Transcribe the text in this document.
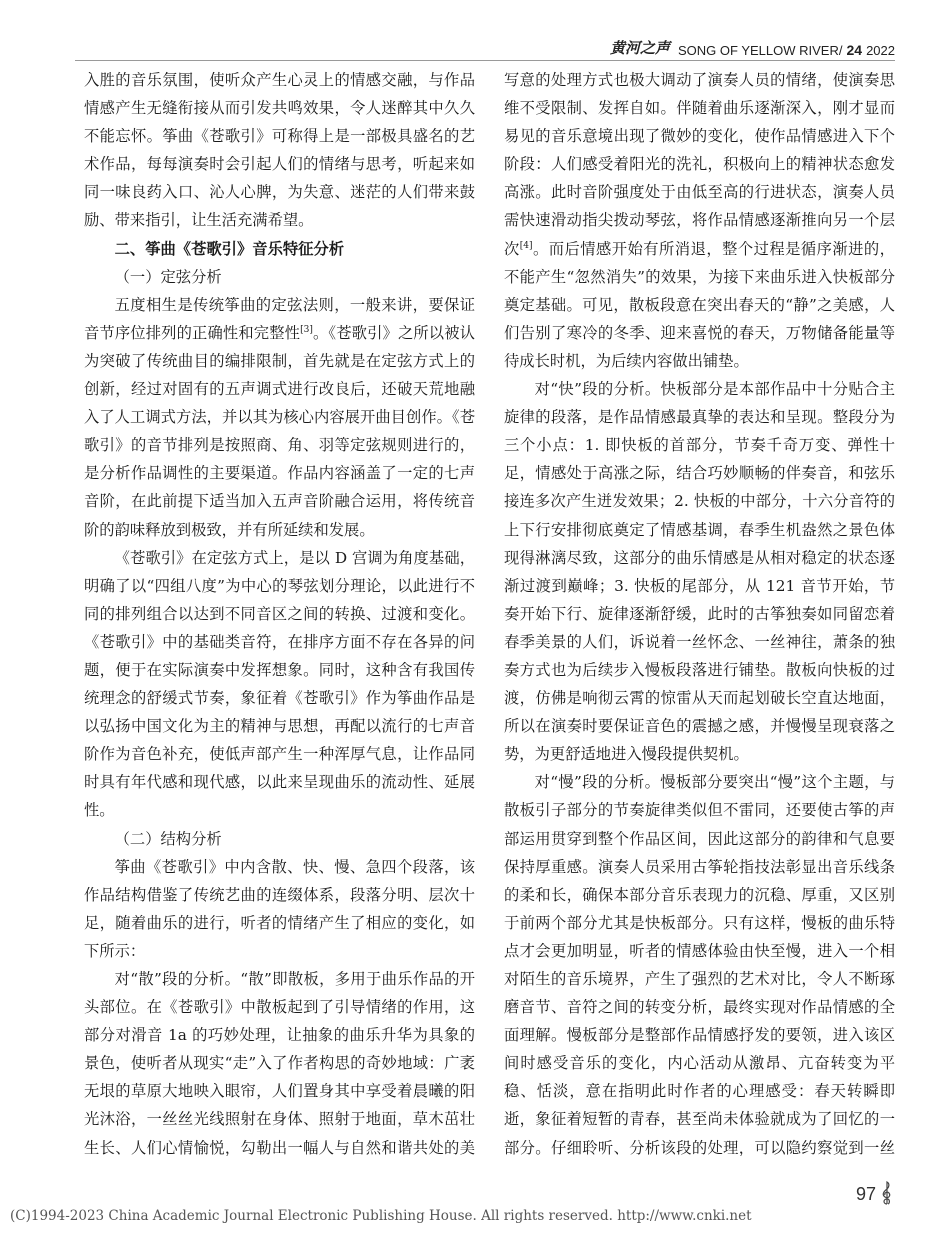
黄河之声 SONG OF YELLOW RIVER / 24 2022

入胜的音乐氛围，使听众产生心灵上的情感交融，与作品情感产生无缝衔接从而引发共鸣效果，令人迷醉其中久久不能忘怀。筝曲《苍歌引》可称得上是一部极具盛名的艺术作品，每每演奏时会引起人们的情绪与思考，听起来如同一味良药入口、沁人心脾，为失意、迷茫的人们带来鼓励、带来指引，让生活充满希望。

二、筝曲《苍歌引》音乐特征分析

（一）定弦分析

五度相生是传统筝曲的定弦法则，一般来讲，要保证音节序位排列的正确性和完整性[3]。《苍歌引》之所以被认为突破了传统曲目的编排限制，首先就是在定弦方式上的创新，经过对固有的五声调式进行改良后，还破天荒地融入了人工调式方法，并以其为核心内容展开曲目创作。《苍歌引》的音节排列是按照商、角、羽等定弦规则进行的，是分析作品调性的主要渠道。作品内容涵盖了一定的七声音阶，在此前提下适当加入五声音阶融合运用，将传统音阶的韵味释放到极致，并有所延续和发展。

《苍歌引》在定弦方式上，是以 D 宫调为角度基础，明确了以“四组八度”为中心的琴弦划分理论，以此进行不同的排列组合以达到不同音区之间的转换、过渡和变化。《苍歌引》中的基础类音符，在排序方面不存在各异的问题，便于在实际演奏中发挥想象。同时，这种含有我国传统理念的舒缓式节奏，象征着《苍歌引》作为筝曲作品是以弘扬中国文化为主的精神与思想，再配以流行的七声音阶作为音色补充，使低声部产生一种浑厚气息，让作品同时具有年代感和现代感，以此来呈现曲乐的流动性、延展性。

（二）结构分析

筝曲《苍歌引》中内含散、快、慢、急四个段落，该作品结构借鉴了传统艺曲的连缀体系，段落分明、层次十足，随着曲乐的进行，听者的情绪产生了相应的变化，如下所示：

对“散”段的分析。“散”即散板，多用于曲乐作品的开头部位。在《苍歌引》中散板起到了引导情绪的作用，这部分对滑音 1a 的巧妙处理，让抽象的曲乐升华为具象的景色，使听者从现实“走”入了作者构思的奇妙地域：广袤无垠的草原大地映入眼帘，人们置身其中享受着晨曦的阳光沐浴，一丝丝光线照射在身体、照射于地面，草木茁壮生长、人们心情愉悦，勾勒出一幅人与自然和谐共处的美

写意的处理方式也极大调动了演奏人员的情绪，使演奏思维不受限制、发挥自如。伴随着曲乐逐渐深入，刚才显而易见的音乐意境出现了微妙的变化，使作品情感进入下个阶段：人们感受着阳光的洗礼，积极向上的精神状态愈发高涨。此时音阶强度处于由低至高的行进状态，演奏人员需快速滑动指尖拨动琴弦，将作品情感逐渐推向另一个层次[4]。而后情感开始有所消退，整个过程是循序渐进的，不能产生“忽然消失”的效果，为接下来曲乐进入快板部分奠定基础。可见，散板段意在突出春天的“静”之美感，人们告别了寒冷的冬季、迎来喜悦的春天，万物储备能量等待成长时机，为后续内容做出铺垫。

对“快”段的分析。快板部分是本部作品中十分贴合主旋律的段落，是作品情感最真挚的表达和呈现。整段分为三个小点：1. 即快板的首部分，节奏千奇万变、弹性十足，情感处于高涨之际，结合巧妙顺畅的伴奏音，和弦乐接连多次产生迸发效果；2. 快板的中部分，十六分音符的上下行安排彻底奠定了情感基调，春季生机盎然之景色体现得淋漓尽致，这部分的曲乐情感是从相对稳定的状态逐渐过渡到巅峰；3. 快板的尾部分，从 121 音节开始，节奏开始下行、旋律逐渐舒缓，此时的古筝独奏如同留恋着春季美景的人们，诉说着一丝怀念、一丝神往，萧条的独奏方式也为后续步入慢板段落进行铺垫。散板向快板的过渡，仿佛是响彻云霄的惊雷从天而起划破长空直达地面，所以在演奏时要保证音色的震撼之感，并慢慢呈现衰落之势，为更舒适地进入慢段提供契机。

对“慢”段的分析。慢板部分要突出“慢”这个主题，与散板引子部分的节奏旋律类似但不雷同，还要使古筝的声部运用贯穿到整个作品区间，因此这部分的韵律和气息要保持厚重感。演奏人员采用古筝轮指技法彰显出音乐线条的柔和长，确保本部分音乐表现力的沉稳、厚重，又区别于前两个部分尤其是快板部分。只有这样，慢板的曲乐特点才会更加明显，听者的情感体验由快至慢，进入一个相对陌生的音乐境界，产生了强烈的艺术对比，令人不断琢磨音节、音符之间的转变分析，最终实现对作品情感的全面理解。慢板部分是整部作品情感抒发的要领，进入该区间时感受音乐的变化，内心活动从激昂、亢奋转变为平稳、恬淡，意在指明此时作者的心理感受：春天转瞬即逝，象征着短暂的青春，甚至尚未体验就成为了回忆的一部分。仔细聆听、分析该段的处理，可以隐约察觉到一丝

(C)1994-2023 China Academic Journal Electronic Publishing House. All rights reserved. http://www.cnki.net
97
